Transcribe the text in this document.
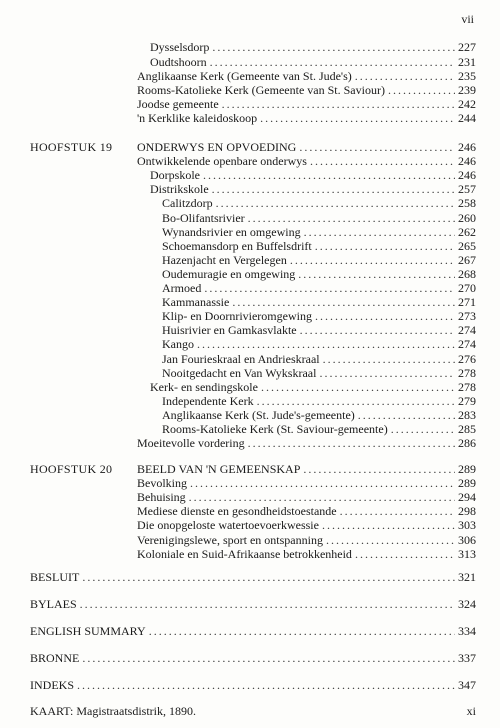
vii
Dysselsdorp .....	227
Oudtshoorn .....	231
Anglikaanse Kerk (Gemeente van St. Jude's) .....	235
Rooms-Katolieke Kerk (Gemeente van St. Saviour) .....	239
Joodse gemeente .....	242
'n Kerklike kaleidoskoop .....	244
HOOFSTUK 19 ONDERWYS EN OPVOEDING .....	246
Ontwikkelende openbare onderwys .....	246
Dorpskole .....	246
Distrikskole .....	257
Calitzdorp .....	258
Bo-Olifantsrivier .....	260
Wynandsrivier en omgewing .....	262
Schoemansdorp en Buffelsdrift .....	265
Hazenjacht en Vergelegen .....	267
Oudemuragie en omgewing .....	268
Armoed .....	270
Kammanassie .....	271
Klip- en Doornrivieromgewing .....	273
Huisrivier en Gamkasvlakte .....	274
Kango .....	274
Jan Fourieskraal en Andrieskraal .....	276
Nooitgedacht en Van Wykskraal .....	278
Kerk- en sendingskole .....	278
Independente Kerk .....	279
Anglikaanse Kerk (St. Jude's-gemeente) .....	283
Rooms-Katolieke Kerk (St. Saviour-gemeente) .....	285
Moeitevolle vordering .....	286
HOOFSTUK 20 BEELD VAN 'N GEMEENSKAP .....	289
Bevolking .....	289
Behuising .....	294
Mediese dienste en gesondheidstoestande .....	298
Die onopgeloste watertoevoerkwessie .....	303
Verenigingslewe, sport en ontspanning .....	306
Koloniale en Suid-Afrikaanse betrokkenheid .....	313
BESLUIT .....	321
BYLAES .....	324
ENGLISH SUMMARY .....	334
BRONNE .....	337
INDEKS .....	347
KAART: Magistraatsdistrik, 1890.	xi
